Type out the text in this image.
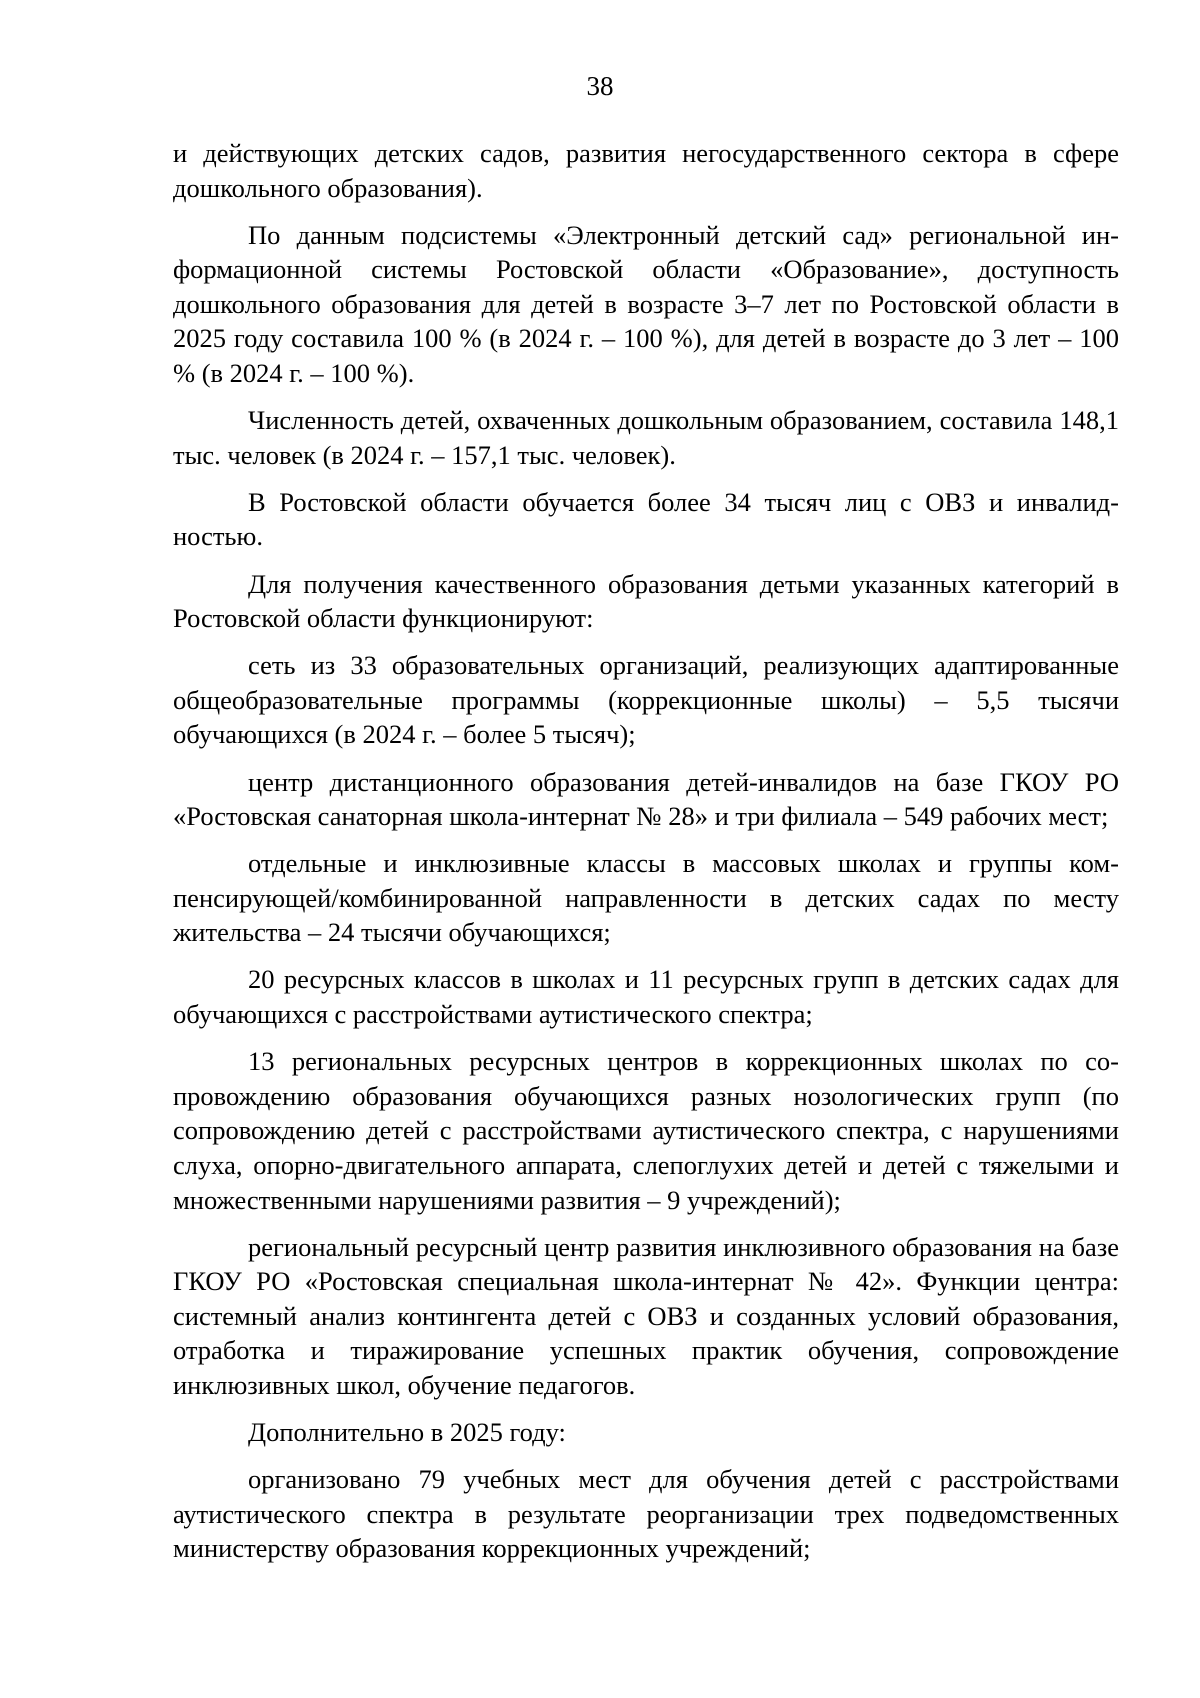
38

и действующих детских садов, развития негосударственного сектора в сфере дошкольного образования).

По данным подсистемы «Электронный детский сад» региональной информационной системы Ростовской области «Образование», доступность дошкольного образования для детей в возрасте 3–7 лет по Ростовской области в 2025 году составила 100 % (в 2024 г. – 100 %), для детей в возрасте до 3 лет – 100 % (в 2024 г. – 100 %).

Численность детей, охваченных дошкольным образованием, составила 148,1 тыс. человек (в 2024 г. – 157,1 тыс. человек).

В Ростовской области обучается более 34 тысяч лиц с ОВЗ и инвалидностью.

Для получения качественного образования детьми указанных категорий в Ростовской области функционируют:

сеть из 33 образовательных организаций, реализующих адаптированные общеобразовательные программы (коррекционные школы) – 5,5 тысячи обучающихся (в 2024 г. – более 5 тысяч);

центр дистанционного образования детей-инвалидов на базе ГКОУ РО «Ростовская санаторная школа-интернат № 28» и три филиала – 549 рабочих мест;

отдельные и инклюзивные классы в массовых школах и группы компенсирующей/комбинированной направленности в детских садах по месту жительства – 24 тысячи обучающихся;

20 ресурсных классов в школах и 11 ресурсных групп в детских садах для обучающихся с расстройствами аутистического спектра;

13 региональных ресурсных центров в коррекционных школах по сопровождению образования обучающихся разных нозологических групп (по сопровождению детей с расстройствами аутистического спектра, с нарушениями слуха, опорно-двигательного аппарата, слепоглухих детей и детей с тяжелыми и множественными нарушениями развития – 9 учреждений);

региональный ресурсный центр развития инклюзивного образования на базе ГКОУ РО «Ростовская специальная школа-интернат № 42». Функции центра: системный анализ контингента детей с ОВЗ и созданных условий образования, отработка и тиражирование успешных практик обучения, сопровождение инклюзивных школ, обучение педагогов.

Дополнительно в 2025 году:

организовано 79 учебных мест для обучения детей с расстройствами аутистического спектра в результате реорганизации трех подведомственных министерству образования коррекционных учреждений;
